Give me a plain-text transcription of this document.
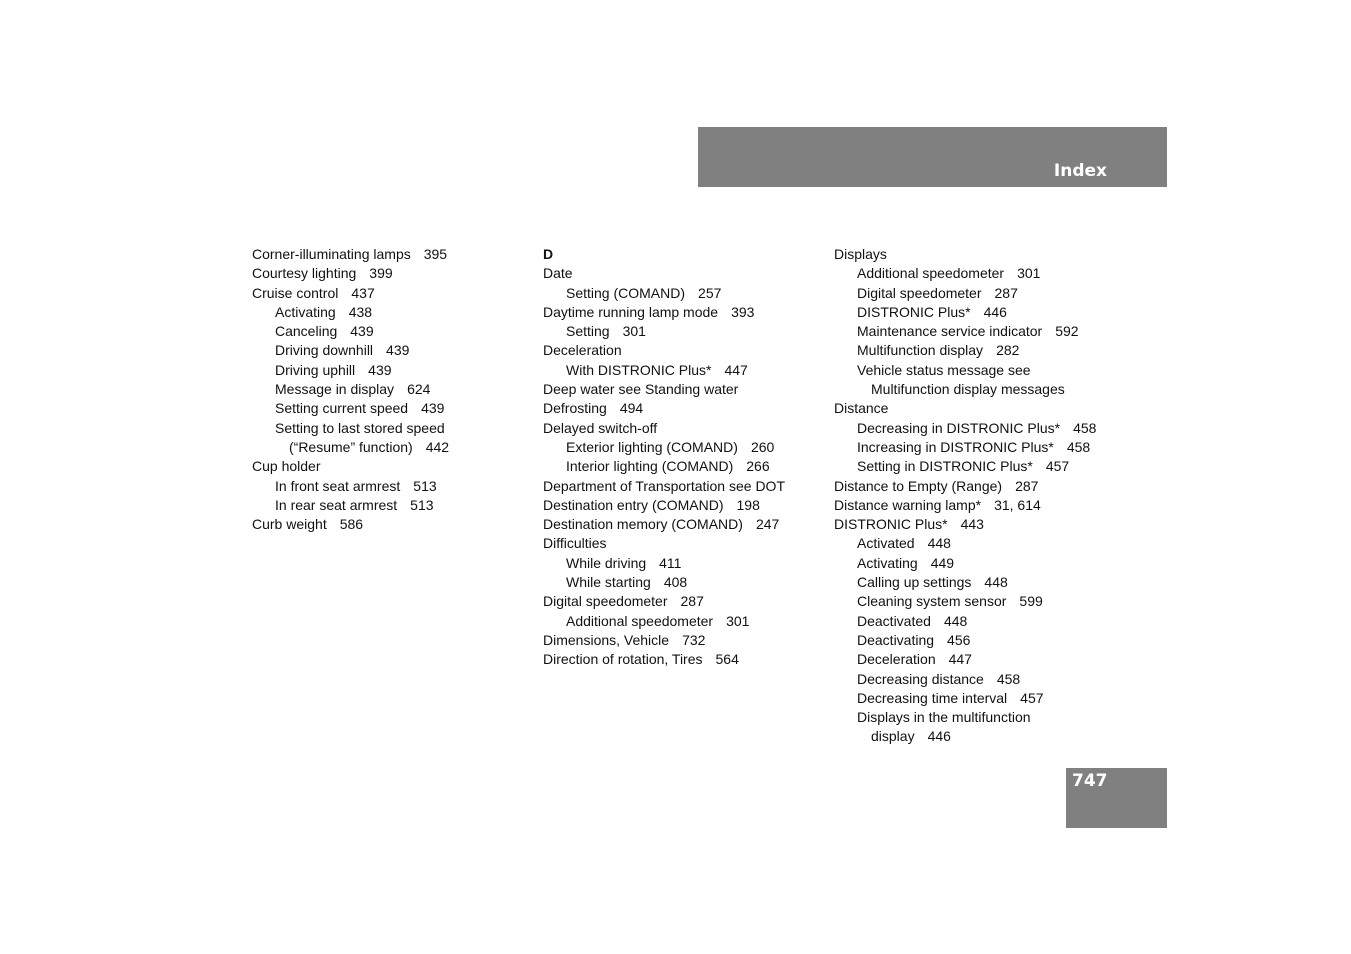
Index
Corner-illuminating lamps 395
Courtesy lighting 399
Cruise control 437
Activating 438
Canceling 439
Driving downhill 439
Driving uphill 439
Message in display 624
Setting current speed 439
Setting to last stored speed
(“Resume” function) 442
Cup holder
In front seat armrest 513
In rear seat armrest 513
Curb weight 586
D
Date
Setting (COMAND) 257
Daytime running lamp mode 393
Setting 301
Deceleration
With DISTRONIC Plus* 447
Deep water see Standing water
Defrosting 494
Delayed switch-off
Exterior lighting (COMAND) 260
Interior lighting (COMAND) 266
Department of Transportation see DOT
Destination entry (COMAND) 198
Destination memory (COMAND) 247
Difficulties
While driving 411
While starting 408
Digital speedometer 287
Additional speedometer 301
Dimensions, Vehicle 732
Direction of rotation, Tires 564
Displays
Additional speedometer 301
Digital speedometer 287
DISTRONIC Plus* 446
Maintenance service indicator 592
Multifunction display 282
Vehicle status message see
Multifunction display messages
Distance
Decreasing in DISTRONIC Plus* 458
Increasing in DISTRONIC Plus* 458
Setting in DISTRONIC Plus* 457
Distance to Empty (Range) 287
Distance warning lamp* 31, 614
DISTRONIC Plus* 443
Activated 448
Activating 449
Calling up settings 448
Cleaning system sensor 599
Deactivated 448
Deactivating 456
Deceleration 447
Decreasing distance 458
Decreasing time interval 457
Displays in the multifunction
display 446
747
